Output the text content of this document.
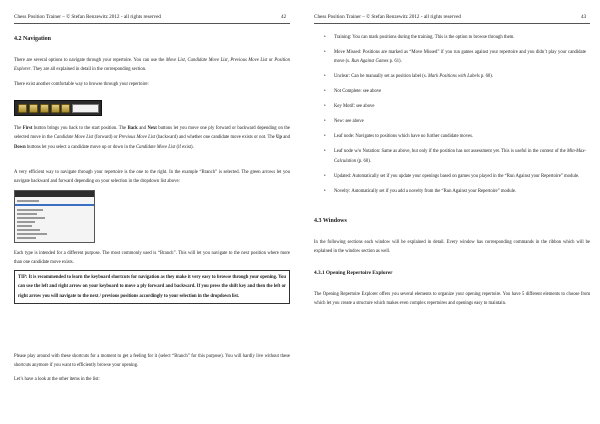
Chess Position Trainer – © Stefan Renzewitz 2012 - all rights reserved	42
4.2 Navigation

There are several options to navigate through your repertoire. You can use the Move List, Candidate Move List, Previous Move List or Position Explorer. They are all explained in detail in the corresponding section.

There exist another comfortable way to browse through your repertoire:

The First button brings you back to the start position. The Back and Next buttons let you move one ply forward or backward depending on the selected move in the Candidate Move List (forward) or Previous Move List (backward) and whether one candidate move exists or not. The Up and Down buttons let you select a candidate move up or down in the Candidate Move List (if exist).

A very efficient way to navigate through your repertoire is the one to the right. In the example “Branch” is selected. The green arrows let you navigate backward and forward depending on your selection in the dropdown list above:

Each type is intended for a different purpose. The most commonly used is “Branch”. This will let you navigate to the next position where more than one candidate move exists.

TIP: It is recommended to learn the keyboard shortcuts for navigation as they make it very easy to browse through your opening. You can use the left and right arrow on your keyboard to move a ply forward and backward. If you press the shift key and then the left or right arrow you will navigate to the next / previous positions accordingly to your selection in the dropdown list.

Please play around with these shortcuts for a moment to get a feeling for it (select “Branch” for this purpose). You will hardly live without these shortcuts anymore if you want to efficiently browse your opening.

Let’s have a look at the other items in the list:

Chess Position Trainer – © Stefan Renzewitz 2012 - all rights reserved	43
• Training: You can mark positions during the training. This is the option to browse through them.
• Move Missed: Positions are marked as “Move Missed” if you run games against your repertoire and you didn’t play your candidate move (s. Run Against Games p. 61).
• Unclear: Can be manually set as position label (s. Mark Positions with Labels p. 60).
• Not Complete: see above
• Key Motif: see above
• New: see above
• Leaf node: Navigates to positions which have no further candidate moves.
• Leaf node w/o Notation: Same as above, but only if the position has not assessment yet. This is useful in the context of the Min-Max-Calculation (p. 60).
• Updated: Automatically set if you update your openings based on games you played in the “Run Against your Repertoire” module.
• Novelty: Automatically set if you add a novelty from the “Run Against your Repertoire” module.
4.3 Windows

In the following sections each window will be explained in detail. Every window has corresponding commands in the ribbon which will be explained in the window section as well.

4.3.1 Opening Repertoire Explorer

The Opening Repertoire Explorer offers you several elements to organize your opening repertoire. You have 5 different elements to choose from which let you create a structure which makes even complex repertoires and openings easy to maintain.
